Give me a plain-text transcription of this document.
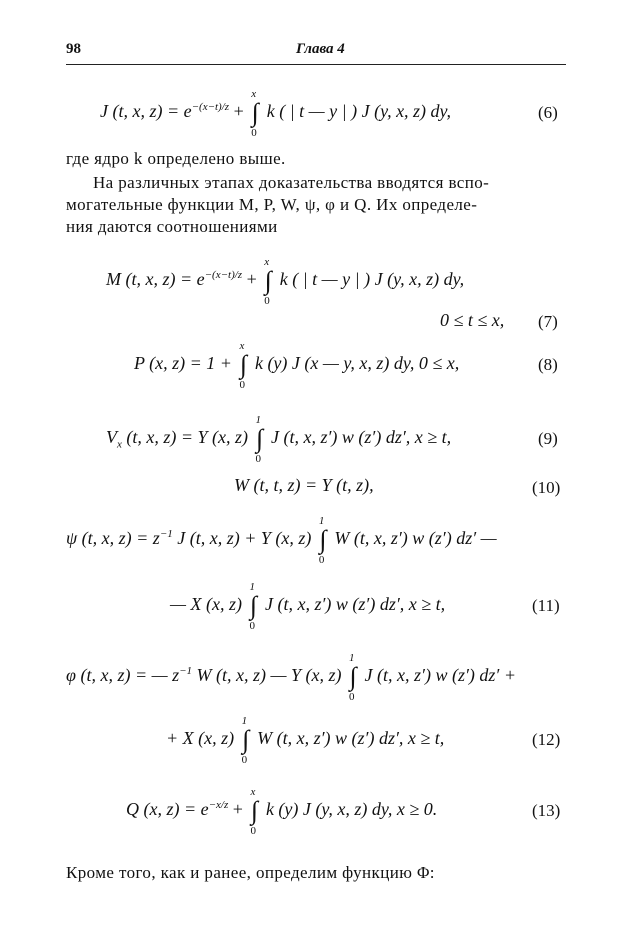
98	Глава 4
J (t, x, $z) = e^{-(x-t)/z}$ +
x
∫
0
k ( | t — y | ) J (y, x, z) dy,	(6)
где ядро k определено выше.
На различных этапах доказательства вводятся вспо-
могательные функции M, P, W, ψ, φ и Q. Их определе-
ния даются соотношениями
M (t, x, $z) = e^{-(x-t)/z}$ +
x
∫
0
k ( | t — y | ) J (y, x, z) dy,
0 ≤ t ≤ x, (7)
P (x, z) = 1 +
x
∫
0
k (y) J (x — y, x, z) dy, 0 ≤ x,	(8)
$V_x$ (t, x, z) = Y (x, z)
1
∫
0
J (t, x, z′) w (z′) dz′, x ≥ t,	(9)
W (t, t, z) = Y (t, z),	(10)
ψ (t, x, $z) = z^{-1}$ J (t, x, z) + Y (x, z)
1
∫
0
W (t, x, z′) w (z′) dz′ —
— X (x, z)
1
∫
0
J (t, x, z′) w (z′) dz′, x ≥ t,	(11)
φ (t, x, z) = — $z^{-1}$ W (t, x, z) — Y (x, z)
1
∫
0
J (t, x, z′) w (z′) dz′ +
+ X (x, z)
1
∫
0
W (t, x, z′) w (z′) dz′, x ≥ t,	(12)
Q (x, $z) = e^{-x/z}$ +
x
∫
0
k (y) J (y, x, z) dy, x ≥ 0.	(13)
Кроме того, как и ранее, определим функцию Φ:
